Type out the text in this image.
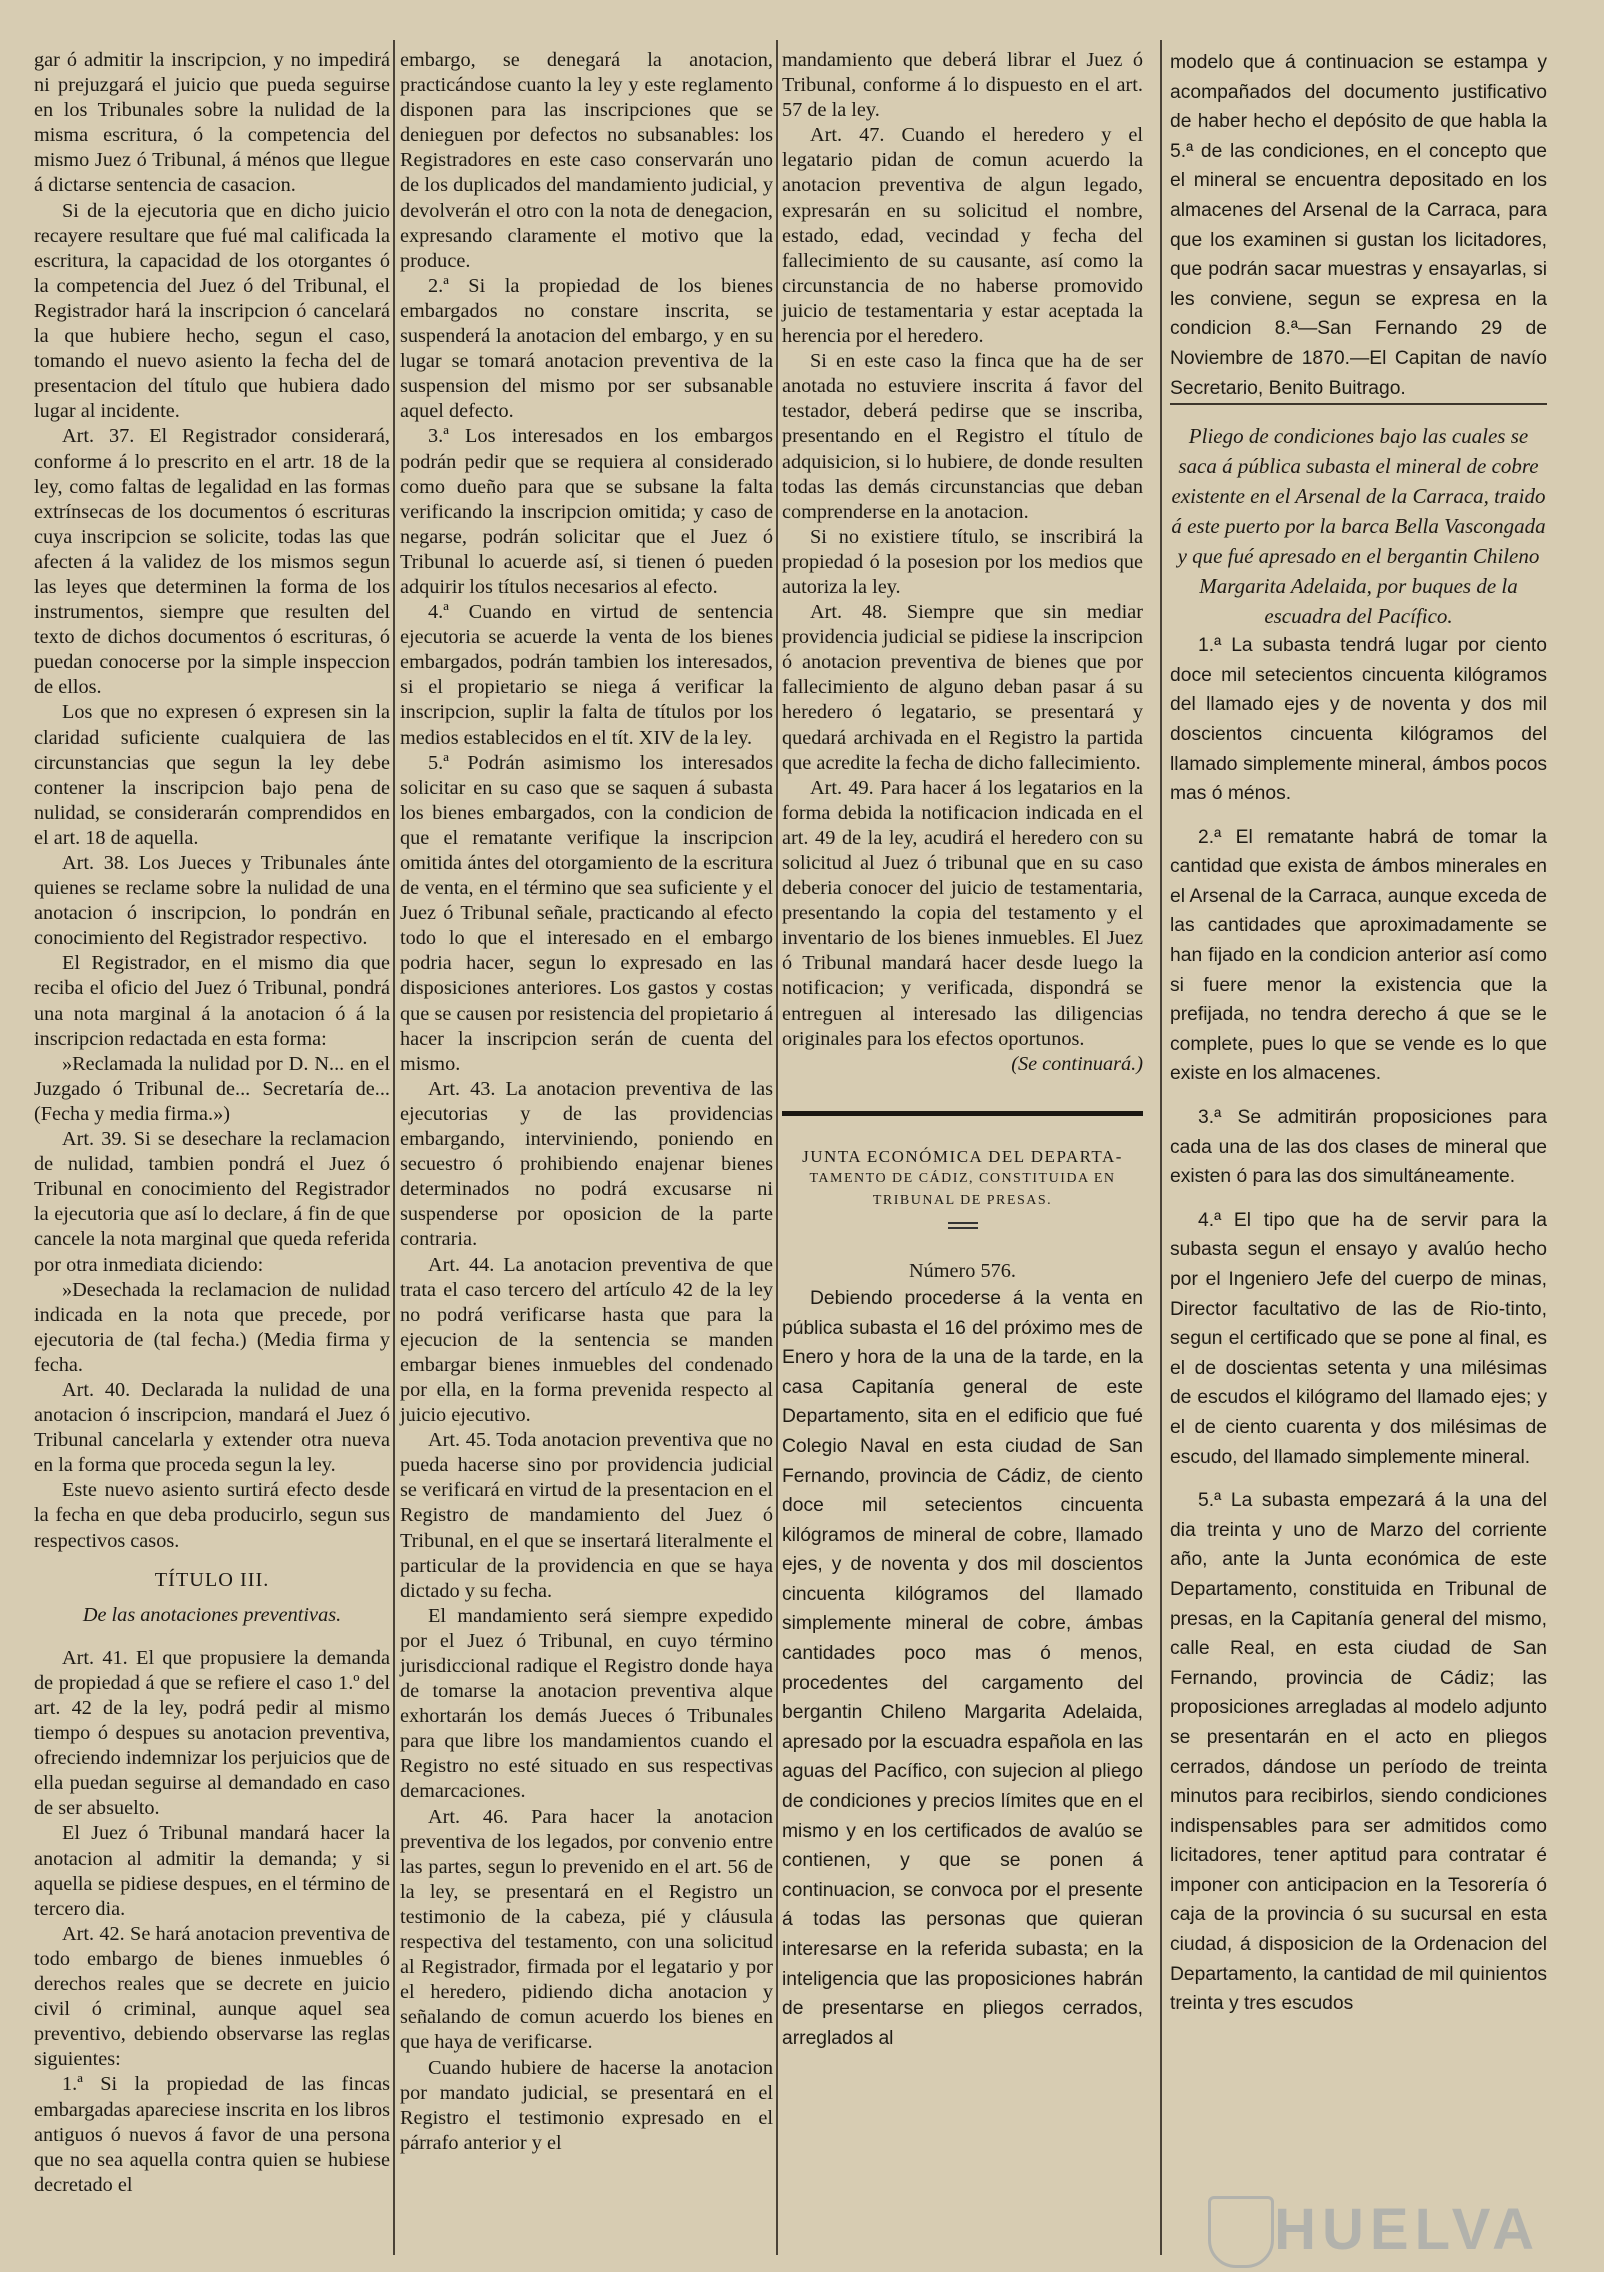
gar ó admitir la inscripcion, y no impedirá ni prejuzgará el juicio que pueda seguirse en los Tribunales sobre la nulidad de la misma escritura, ó la competencia del mismo Juez ó Tribunal, á ménos que llegue á dictarse sentencia de casacion.

Si de la ejecutoria que en dicho juicio recayere resultare que fué mal calificada la escritura, la capacidad de los otorgantes ó la competencia del Juez ó del Tribunal, el Registrador hará la inscripcion ó cancelará la que hubiere hecho, segun el caso, tomando el nuevo asiento la fecha del de presentacion del título que hubiera dado lugar al incidente.

Art. 37. El Registrador considerará, conforme á lo prescrito en el artr. 18 de la ley, como faltas de legalidad en las formas extrínsecas de los documentos ó escrituras cuya inscripcion se solicite, todas las que afecten á la validez de los mismos segun las leyes que determinen la forma de los instrumentos, siempre que resulten del texto de dichos documentos ó escrituras, ó puedan conocerse por la simple inspeccion de ellos.

Los que no expresen ó expresen sin la claridad suficiente cualquiera de las circunstancias que segun la ley debe contener la inscripcion bajo pena de nulidad, se considerarán comprendidos en el art. 18 de aquella.

Art. 38. Los Jueces y Tribunales ánte quienes se reclame sobre la nulidad de una anotacion ó inscripcion, lo pondrán en conocimiento del Registrador respectivo.

El Registrador, en el mismo dia que reciba el oficio del Juez ó Tribunal, pondrá una nota marginal á la anotacion ó á la inscripcion redactada en esta forma:

»Reclamada la nulidad por D. N... en el Juzgado ó Tribunal de... Secretaría de... (Fecha y media firma.»)

Art. 39. Si se desechare la reclamacion de nulidad, tambien pondrá el Juez ó Tribunal en conocimiento del Registrador la ejecutoria que así lo declare, á fin de que cancele la nota marginal que queda referida por otra inmediata diciendo:

»Desechada la reclamacion de nulidad indicada en la nota que precede, por ejecutoria de (tal fecha.) (Media firma y fecha.

Art. 40. Declarada la nulidad de una anotacion ó inscripcion, mandará el Juez ó Tribunal cancelarla y extender otra nueva en la forma que proceda segun la ley.

Este nuevo asiento surtirá efecto desde la fecha en que deba producirlo, segun sus respectivos casos.

TÍTULO III.

De las anotaciones preventivas.

Art. 41. El que propusiere la demanda de propiedad á que se refiere el caso 1.º del art. 42 de la ley, podrá pedir al mismo tiempo ó despues su anotacion preventiva, ofreciendo indemnizar los perjuicios que de ella puedan seguirse al demandado en caso de ser absuelto.

El Juez ó Tribunal mandará hacer la anotacion al admitir la demanda; y si aquella se pidiese despues, en el término de tercero dia.

Art. 42. Se hará anotacion preventiva de todo embargo de bienes inmuebles ó derechos reales que se decrete en juicio civil ó criminal, aunque aquel sea preventivo, debiendo observarse las reglas siguientes:

1.ª Si la propiedad de las fincas embargadas apareciese inscrita en los libros antiguos ó nuevos á favor de una persona que no sea aquella contra quien se hubiese decretado el

embargo, se denegará la anotacion, practicándose cuanto la ley y este reglamento disponen para las inscripciones que se denieguen por defectos no subsanables: los Registradores en este caso conservarán uno de los duplicados del mandamiento judicial, y devolverán el otro con la nota de denegacion, expresando claramente el motivo que la produce.

2.ª Si la propiedad de los bienes embargados no constare inscrita, se suspenderá la anotacion del embargo, y en su lugar se tomará anotacion preventiva de la suspension del mismo por ser subsanable aquel defecto.

3.ª Los interesados en los embargos podrán pedir que se requiera al considerado como dueño para que se subsane la falta verificando la inscripcion omitida; y caso de negarse, podrán solicitar que el Juez ó Tribunal lo acuerde así, si tienen ó pueden adquirir los títulos necesarios al efecto.

4.ª Cuando en virtud de sentencia ejecutoria se acuerde la venta de los bienes embargados, podrán tambien los interesados, si el propietario se niega á verificar la inscripcion, suplir la falta de títulos por los medios establecidos en el tít. XIV de la ley.

5.ª Podrán asimismo los interesados solicitar en su caso que se saquen á subasta los bienes embargados, con la condicion de que el rematante verifique la inscripcion omitida ántes del otorgamiento de la escritura de venta, en el término que sea suficiente y el Juez ó Tribunal señale, practicando al efecto todo lo que el interesado en el embargo podria hacer, segun lo expresado en las disposiciones anteriores. Los gastos y costas que se causen por resistencia del propietario á hacer la inscripcion serán de cuenta del mismo.

Art. 43. La anotacion preventiva de las ejecutorias y de las providencias embargando, interviniendo, poniendo en secuestro ó prohibiendo enajenar bienes determinados no podrá excusarse ni suspenderse por oposicion de la parte contraria.

Art. 44. La anotacion preventiva de que trata el caso tercero del artículo 42 de la ley no podrá verificarse hasta que para la ejecucion de la sentencia se manden embargar bienes inmuebles del condenado por ella, en la forma prevenida respecto al juicio ejecutivo.

Art. 45. Toda anotacion preventiva que no pueda hacerse sino por providencia judicial se verificará en virtud de la presentacion en el Registro de mandamiento del Juez ó Tribunal, en el que se insertará literalmente el particular de la providencia en que se haya dictado y su fecha.

El mandamiento será siempre expedido por el Juez ó Tribunal, en cuyo término jurisdiccional radique el Registro donde haya de tomarse la anotacion preventiva alque exhortarán los demás Jueces ó Tribunales para que libre los mandamientos cuando el Registro no esté situado en sus respectivas demarcaciones.

Art. 46. Para hacer la anotacion preventiva de los legados, por convenio entre las partes, segun lo prevenido en el art. 56 de la ley, se presentará en el Registro un testimonio de la cabeza, pié y cláusula respectiva del testamento, con una solicitud al Registrador, firmada por el legatario y por el heredero, pidiendo dicha anotacion y señalando de comun acuerdo los bienes en que haya de verificarse.

Cuando hubiere de hacerse la anotacion por mandato judicial, se presentará en el Registro el testimonio expresado en el párrafo anterior y el

mandamiento que deberá librar el Juez ó Tribunal, conforme á lo dispuesto en el art. 57 de la ley.

Art. 47. Cuando el heredero y el legatario pidan de comun acuerdo la anotacion preventiva de algun legado, expresarán en su solicitud el nombre, estado, edad, vecindad y fecha del fallecimiento de su causante, así como la circunstancia de no haberse promovido juicio de testamentaria y estar aceptada la herencia por el heredero.

Si en este caso la finca que ha de ser anotada no estuviere inscrita á favor del testador, deberá pedirse que se inscriba, presentando en el Registro el título de adquisicion, si lo hubiere, de donde resulten todas las demás circunstancias que deban comprenderse en la anotacion.

Si no existiere título, se inscribirá la propiedad ó la posesion por los medios que autoriza la ley.

Art. 48. Siempre que sin mediar providencia judicial se pidiese la inscripcion ó anotacion preventiva de bienes que por fallecimiento de alguno deban pasar á su heredero ó legatario, se presentará y quedará archivada en el Registro la partida que acredite la fecha de dicho fallecimiento.

Art. 49. Para hacer á los legatarios en la forma debida la notificacion indicada en el art. 49 de la ley, acudirá el heredero con su solicitud al Juez ó tribunal que en su caso deberia conocer del juicio de testamentaria, presentando la copia del testamento y el inventario de los bienes inmuebles. El Juez ó Tribunal mandará hacer desde luego la notificacion; y verificada, dispondrá se entreguen al interesado las diligencias originales para los efectos oportunos.

(Se continuará.)

JUNTA ECONÓMICA DEL DEPARTA-

TAMENTO DE CÁDIZ, CONSTITUIDA EN

TRIBUNAL DE PRESAS.

Número 576.

Debiendo procederse á la venta en pública subasta el 16 del próximo mes de Enero y hora de la una de la tarde, en la casa Capitanía general de este Departamento, sita en el edificio que fué Colegio Naval en esta ciudad de San Fernando, provincia de Cádiz, de ciento doce mil setecientos cincuenta kilógramos de mineral de cobre, llamado ejes, y de noventa y dos mil doscientos cincuenta kilógramos del llamado simplemente mineral de cobre, ámbas cantidades poco mas ó menos, procedentes del cargamento del bergantin Chileno Margarita Adelaida, apresado por la escuadra española en las aguas del Pacífico, con sujecion al pliego de condiciones y precios límites que en el mismo y en los certificados de avalúo se contienen, y que se ponen á continuacion, se convoca por el presente á todas las personas que quieran interesarse en la referida subasta; en la inteligencia que las proposiciones habrán de presentarse en pliegos cerrados, arreglados al

modelo que á continuacion se estampa y acompañados del documento justificativo de haber hecho el depósito de que habla la 5.ª de las condiciones, en el concepto que el mineral se encuentra depositado en los almacenes del Arsenal de la Carraca, para que los examinen si gustan los licitadores, que podrán sacar muestras y ensayarlas, si les conviene, segun se expresa en la condicion 8.ª—San Fernando 29 de Noviembre de 1870.—El Capitan de navío Secretario, Benito Buitrago.

Pliego de condiciones bajo las cuales se saca á pública subasta el mineral de cobre existente en el Arsenal de la Carraca, traido á este puerto por la barca Bella Vascongada y que fué apresado en el bergantin Chileno Margarita Adelaida, por buques de la escuadra del Pacífico.

1.ª La subasta tendrá lugar por ciento doce mil setecientos cincuenta kilógramos del llamado ejes y de noventa y dos mil doscientos cincuenta kilógramos del llamado simplemente mineral, ámbos pocos mas ó ménos.

2.ª El rematante habrá de tomar la cantidad que exista de ámbos minerales en el Arsenal de la Carraca, aunque exceda de las cantidades que aproximadamente se han fijado en la condicion anterior así como si fuere menor la existencia que la prefijada, no tendra derecho á que se le complete, pues lo que se vende es lo que existe en los almacenes.

3.ª Se admitirán proposiciones para cada una de las dos clases de mineral que existen ó para las dos simultáneamente.

4.ª El tipo que ha de servir para la subasta segun el ensayo y avalúo hecho por el Ingeniero Jefe del cuerpo de minas, Director facultativo de las de Rio-tinto, segun el certificado que se pone al final, es el de doscientas setenta y una milésimas de escudos el kilógramo del llamado ejes; y el de ciento cuarenta y dos milésimas de escudo, del llamado simplemente mineral.

5.ª La subasta empezará á la una del dia treinta y uno de Marzo del corriente año, ante la Junta económica de este Departamento, constituida en Tribunal de presas, en la Capitanía general del mismo, calle Real, en esta ciudad de San Fernando, provincia de Cádiz; las proposiciones arregladas al modelo adjunto se presentarán en el acto en pliegos cerrados, dándose un período de treinta minutos para recibirlos, siendo condiciones indispensables para ser admitidos como licitadores, tener aptitud para contratar é imponer con anticipacion en la Tesorería ó caja de la provincia ó su sucursal en esta ciudad, á disposicion de la Ordenacion del Departamento, la cantidad de mil quinientos treinta y tres escudos

HUELVA
